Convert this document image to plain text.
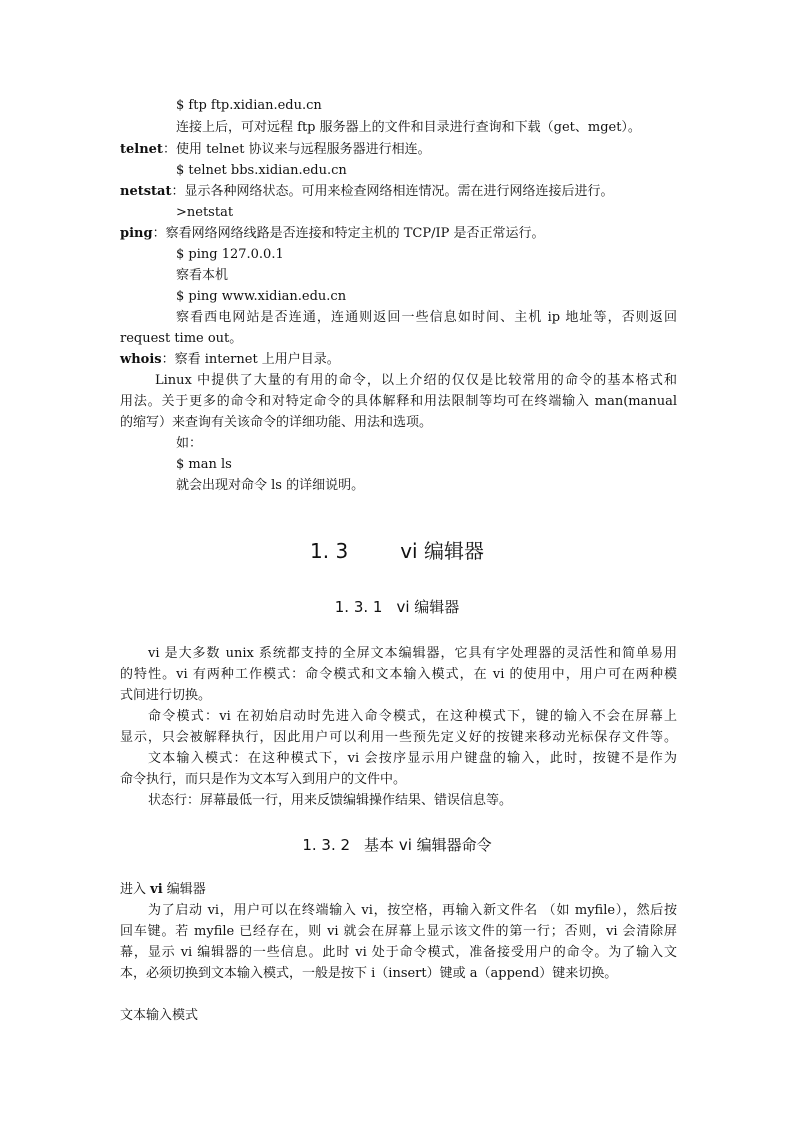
$ ftp ftp.xidian.edu.cn
连接上后，可对远程 ftp 服务器上的文件和目录进行查询和下载（get、mget）。
telnet：使用 telnet 协议来与远程服务器进行相连。
$ telnet bbs.xidian.edu.cn
netstat：显示各种网络状态。可用来检查网络相连情况。需在进行网络连接后进行。
>netstat
ping：察看网络网络线路是否连接和特定主机的 TCP/IP 是否正常运行。
$ ping 127.0.0.1
察看本机
$ ping www.xidian.edu.cn
察看西电网站是否连通，连通则返回一些信息如时间、主机 ip 地址等，否则返回
request time out。
whois：察看 internet 上用户目录。
Linux 中提供了大量的有用的命令，以上介绍的仅仅是比较常用的命令的基本格式和
用法。关于更多的命令和对特定命令的具体解释和用法限制等均可在终端输入 man(manual
的缩写）来查询有关该命令的详细功能、用法和选项。
如：
$ man ls
就会出现对命令 ls 的详细说明。
1. 3	vi 编辑器
1. 3. 1 vi 编辑器
vi 是大多数 unix 系统都支持的全屏文本编辑器，它具有字处理器的灵活性和简单易用
的特性。vi 有两种工作模式：命令模式和文本输入模式，在 vi 的使用中，用户可在两种模
式间进行切换。
命令模式：vi 在初始启动时先进入命令模式，在这种模式下，键的输入不会在屏幕上
显示，只会被解释执行，因此用户可以利用一些预先定义好的按键来移动光标保存文件等。
文本输入模式：在这种模式下，vi 会按序显示用户键盘的输入，此时，按键不是作为
命令执行，而只是作为文本写入到用户的文件中。
状态行：屏幕最低一行，用来反馈编辑操作结果、错误信息等。
1. 3. 2 基本 vi 编辑器命令
进入 vi 编辑器
为了启动 vi，用户可以在终端输入 vi，按空格，再输入新文件名 （如 myfile），然后按
回车键。若 myfile 已经存在，则 vi 就会在屏幕上显示该文件的第一行；否则，vi 会清除屏
幕，显示 vi 编辑器的一些信息。此时 vi 处于命令模式，准备接受用户的命令。为了输入文
本，必须切换到文本输入模式，一般是按下 i（insert）键或 a（append）键来切换。
文本输入模式
